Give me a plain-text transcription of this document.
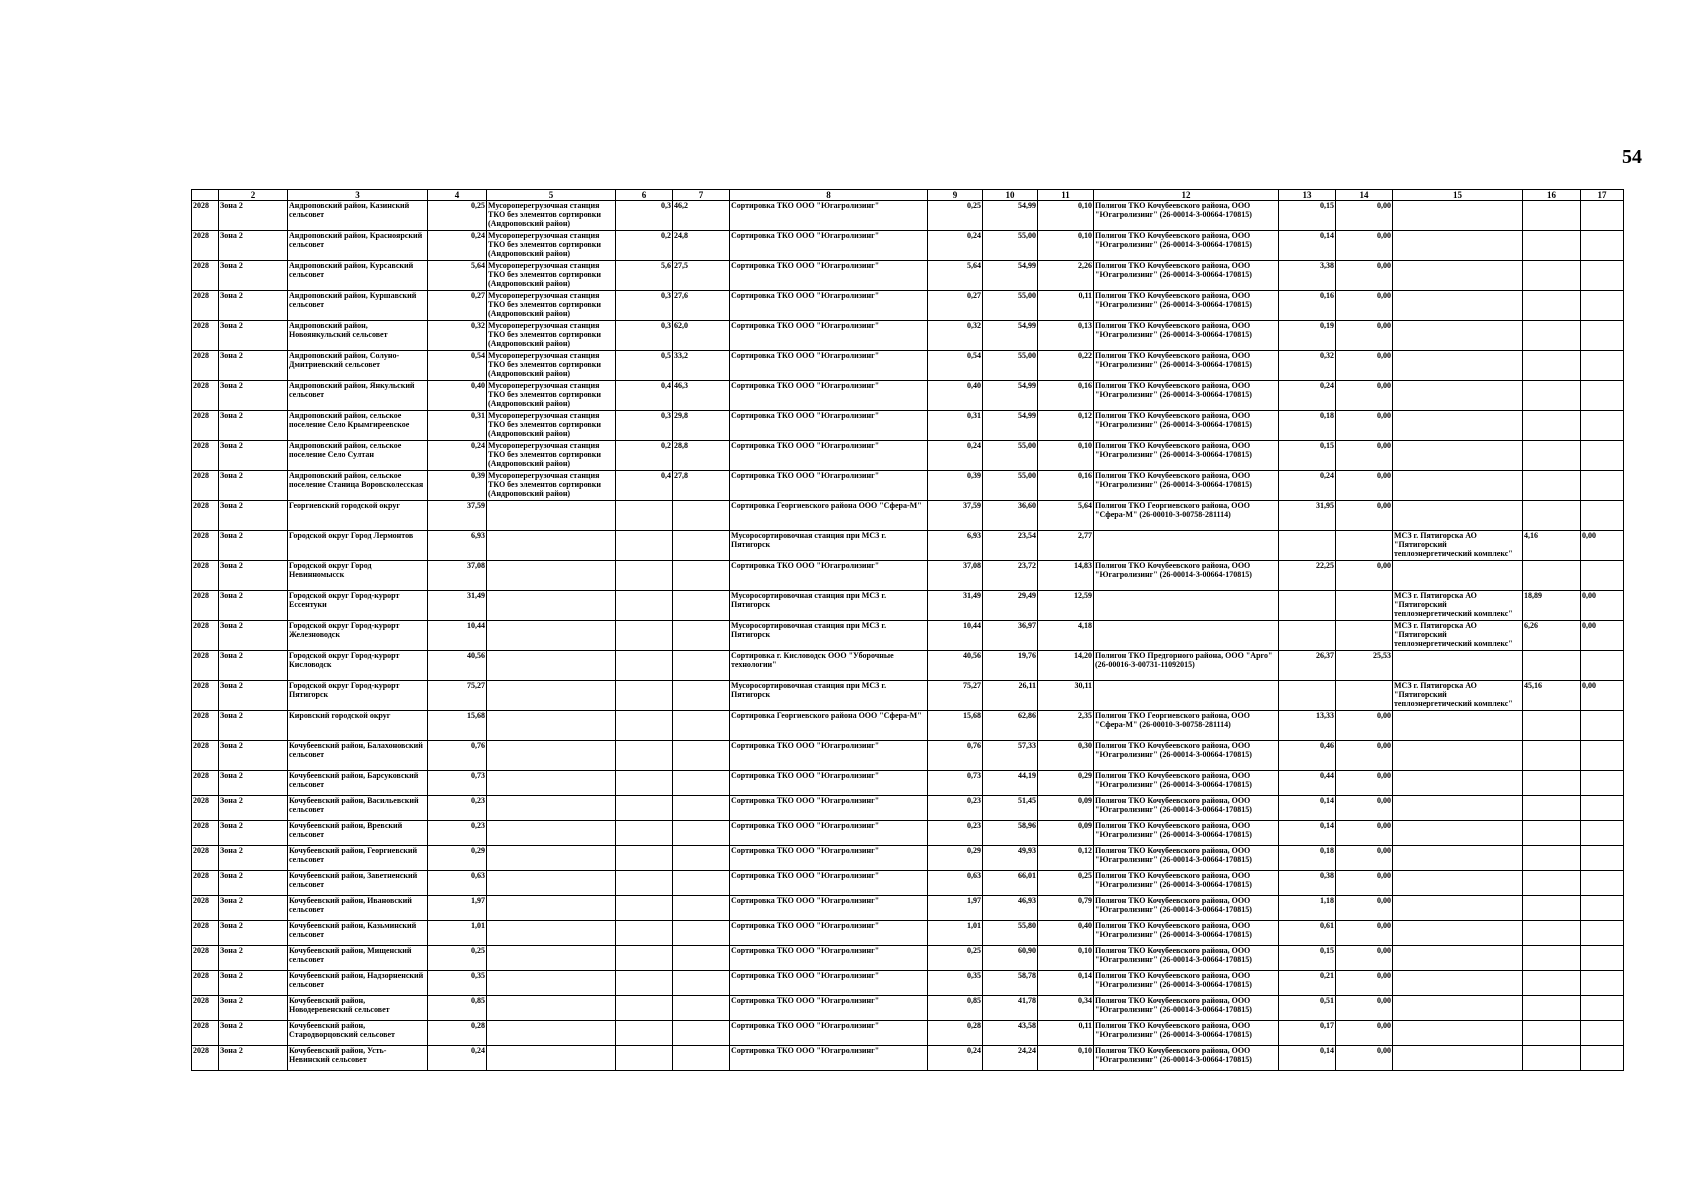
54
	2	3	4	5	6	7	8	9	10	11	12	13	14	15	16	17
2028	Зона 2	Андроповский район, Казинский сельсовет	0,25	Мусороперегрузочная станция ТКО без элементов сортировки (Андроповский район)	0,3	46,2	Сортировка ТКО ООО "Югагролизинг"	0,25	54,99	0,10	Полигон ТКО Кочубеевского района, ООО "Югагролизинг" (26-00014-З-00664-170815)	0,15	0,00			
2028	Зона 2	Андроповский район, Красноярский сельсовет	0,24	Мусороперегрузочная станция ТКО без элементов сортировки (Андроповский район)	0,2	24,8	Сортировка ТКО ООО "Югагролизинг"	0,24	55,00	0,10	Полигон ТКО Кочубеевского района, ООО "Югагролизинг" (26-00014-З-00664-170815)	0,14	0,00			
2028	Зона 2	Андроповский район, Курсавский сельсовет	5,64	Мусороперегрузочная станция ТКО без элементов сортировки (Андроповский район)	5,6	27,5	Сортировка ТКО ООО "Югагролизинг"	5,64	54,99	2,26	Полигон ТКО Кочубеевского района, ООО "Югагролизинг" (26-00014-З-00664-170815)	3,38	0,00			
2028	Зона 2	Андроповский район, Куршавский сельсовет	0,27	Мусороперегрузочная станция ТКО без элементов сортировки (Андроповский район)	0,3	27,6	Сортировка ТКО ООО "Югагролизинг"	0,27	55,00	0,11	Полигон ТКО Кочубеевского района, ООО "Югагролизинг" (26-00014-З-00664-170815)	0,16	0,00			
2028	Зона 2	Андроповский район, Новоянкульский сельсовет	0,32	Мусороперегрузочная станция ТКО без элементов сортировки (Андроповский район)	0,3	62,0	Сортировка ТКО ООО "Югагролизинг"	0,32	54,99	0,13	Полигон ТКО Кочубеевского района, ООО "Югагролизинг" (26-00014-З-00664-170815)	0,19	0,00			
2028	Зона 2	Андроповский район, Солуно-Дмитриевский сельсовет	0,54	Мусороперегрузочная станция ТКО без элементов сортировки (Андроповский район)	0,5	33,2	Сортировка ТКО ООО "Югагролизинг"	0,54	55,00	0,22	Полигон ТКО Кочубеевского района, ООО "Югагролизинг" (26-00014-З-00664-170815)	0,32	0,00			
2028	Зона 2	Андроповский район, Янкульский сельсовет	0,40	Мусороперегрузочная станция ТКО без элементов сортировки (Андроповский район)	0,4	46,3	Сортировка ТКО ООО "Югагролизинг"	0,40	54,99	0,16	Полигон ТКО Кочубеевского района, ООО "Югагролизинг" (26-00014-З-00664-170815)	0,24	0,00			
2028	Зона 2	Андроповский район, сельское поселение Село Крымгиреевское	0,31	Мусороперегрузочная станция ТКО без элементов сортировки (Андроповский район)	0,3	29,8	Сортировка ТКО ООО "Югагролизинг"	0,31	54,99	0,12	Полигон ТКО Кочубеевского района, ООО "Югагролизинг" (26-00014-З-00664-170815)	0,18	0,00			
2028	Зона 2	Андроповский район, сельское поселение Село Султан	0,24	Мусороперегрузочная станция ТКО без элементов сортировки (Андроповский район)	0,2	28,8	Сортировка ТКО ООО "Югагролизинг"	0,24	55,00	0,10	Полигон ТКО Кочубеевского района, ООО "Югагролизинг" (26-00014-З-00664-170815)	0,15	0,00			
2028	Зона 2	Андроповский район, сельское поселение Станица Воровсколесская	0,39	Мусороперегрузочная станция ТКО без элементов сортировки (Андроповский район)	0,4	27,8	Сортировка ТКО ООО "Югагролизинг"	0,39	55,00	0,16	Полигон ТКО Кочубеевского района, ООО "Югагролизинг" (26-00014-З-00664-170815)	0,24	0,00			
2028	Зона 2	Георгиевский городской округ	37,59				Сортировка Георгиевского района ООО "Сфера-М"	37,59	36,60	5,64	Полигон ТКО Георгиевского района, ООО "Сфера-М" (26-00010-З-00758-281114)	31,95	0,00			
2028	Зона 2	Городской округ Город Лермонтов	6,93				Мусоросортировочная станция при МСЗ г. Пятигорск	6,93	23,54	2,77				МСЗ г. Пятигорска АО "Пятигорский теплоэнергетический комплекс"	4,16	0,00
2028	Зона 2	Городской округ Город Невинномысск	37,08				Сортировка ТКО ООО "Югагролизинг"	37,08	23,72	14,83	Полигон ТКО Кочубеевского района, ООО "Югагролизинг" (26-00014-З-00664-170815)	22,25	0,00			
2028	Зона 2	Городской округ Город-курорт Ессентуки	31,49				Мусоросортировочная станция при МСЗ г. Пятигорск	31,49	29,49	12,59				МСЗ г. Пятигорска АО "Пятигорский теплоэнергетический комплекс"	18,89	0,00
2028	Зона 2	Городской округ Город-курорт Железноводск	10,44				Мусоросортировочная станция при МСЗ г. Пятигорск	10,44	36,97	4,18				МСЗ г. Пятигорска АО "Пятигорский теплоэнергетический комплекс"	6,26	0,00
2028	Зона 2	Городской округ Город-курорт Кисловодск	40,56				Сортировка г. Кисловодск ООО "Уборочные технологии"	40,56	19,76	14,20	Полигон ТКО Предгорного района, ООО "Арго" (26-00016-З-00731-11092015)	26,37	25,53			
2028	Зона 2	Городской округ Город-курорт Пятигорск	75,27				Мусоросортировочная станция при МСЗ г. Пятигорск	75,27	26,11	30,11				МСЗ г. Пятигорска АО "Пятигорский теплоэнергетический комплекс"	45,16	0,00
2028	Зона 2	Кировский городской округ	15,68				Сортировка Георгиевского района ООО "Сфера-М"	15,68	62,86	2,35	Полигон ТКО Георгиевского района, ООО "Сфера-М" (26-00010-З-00758-281114)	13,33	0,00			
2028	Зона 2	Кочубеевский район, Балахоновский сельсовет	0,76				Сортировка ТКО ООО "Югагролизинг"	0,76	57,33	0,30	Полигон ТКО Кочубеевского района, ООО "Югагролизинг" (26-00014-З-00664-170815)	0,46	0,00			
2028	Зона 2	Кочубеевский район, Барсуковский сельсовет	0,73				Сортировка ТКО ООО "Югагролизинг"	0,73	44,19	0,29	Полигон ТКО Кочубеевского района, ООО "Югагролизинг" (26-00014-З-00664-170815)	0,44	0,00			
2028	Зона 2	Кочубеевский район, Васильевский сельсовет	0,23				Сортировка ТКО ООО "Югагролизинг"	0,23	51,45	0,09	Полигон ТКО Кочубеевского района, ООО "Югагролизинг" (26-00014-З-00664-170815)	0,14	0,00			
2028	Зона 2	Кочубеевский район, Вревский сельсовет	0,23				Сортировка ТКО ООО "Югагролизинг"	0,23	58,96	0,09	Полигон ТКО Кочубеевского района, ООО "Югагролизинг" (26-00014-З-00664-170815)	0,14	0,00			
2028	Зона 2	Кочубеевский район, Георгиевский сельсовет	0,29				Сортировка ТКО ООО "Югагролизинг"	0,29	49,93	0,12	Полигон ТКО Кочубеевского района, ООО "Югагролизинг" (26-00014-З-00664-170815)	0,18	0,00			
2028	Зона 2	Кочубеевский район, Заветненский сельсовет	0,63				Сортировка ТКО ООО "Югагролизинг"	0,63	66,01	0,25	Полигон ТКО Кочубеевского района, ООО "Югагролизинг" (26-00014-З-00664-170815)	0,38	0,00			
2028	Зона 2	Кочубеевский район, Ивановский сельсовет	1,97				Сортировка ТКО ООО "Югагролизинг"	1,97	46,93	0,79	Полигон ТКО Кочубеевского района, ООО "Югагролизинг" (26-00014-З-00664-170815)	1,18	0,00			
2028	Зона 2	Кочубеевский район, Казьминский сельсовет	1,01				Сортировка ТКО ООО "Югагролизинг"	1,01	55,80	0,40	Полигон ТКО Кочубеевского района, ООО "Югагролизинг" (26-00014-З-00664-170815)	0,61	0,00			
2028	Зона 2	Кочубеевский район, Мищенский сельсовет	0,25				Сортировка ТКО ООО "Югагролизинг"	0,25	60,90	0,10	Полигон ТКО Кочубеевского района, ООО "Югагролизинг" (26-00014-З-00664-170815)	0,15	0,00			
2028	Зона 2	Кочубеевский район, Надзорненский сельсовет	0,35				Сортировка ТКО ООО "Югагролизинг"	0,35	58,78	0,14	Полигон ТКО Кочубеевского района, ООО "Югагролизинг" (26-00014-З-00664-170815)	0,21	0,00			
2028	Зона 2	Кочубеевский район, Новодеревенский сельсовет	0,85				Сортировка ТКО ООО "Югагролизинг"	0,85	41,78	0,34	Полигон ТКО Кочубеевского района, ООО "Югагролизинг" (26-00014-З-00664-170815)	0,51	0,00			
2028	Зона 2	Кочубеевский район, Стародворцовский сельсовет	0,28				Сортировка ТКО ООО "Югагролизинг"	0,28	43,58	0,11	Полигон ТКО Кочубеевского района, ООО "Югагролизинг" (26-00014-З-00664-170815)	0,17	0,00			
2028	Зона 2	Кочубеевский район, Усть-Невинский сельсовет	0,24				Сортировка ТКО ООО "Югагролизинг"	0,24	24,24	0,10	Полигон ТКО Кочубеевского района, ООО "Югагролизинг" (26-00014-З-00664-170815)	0,14	0,00			
